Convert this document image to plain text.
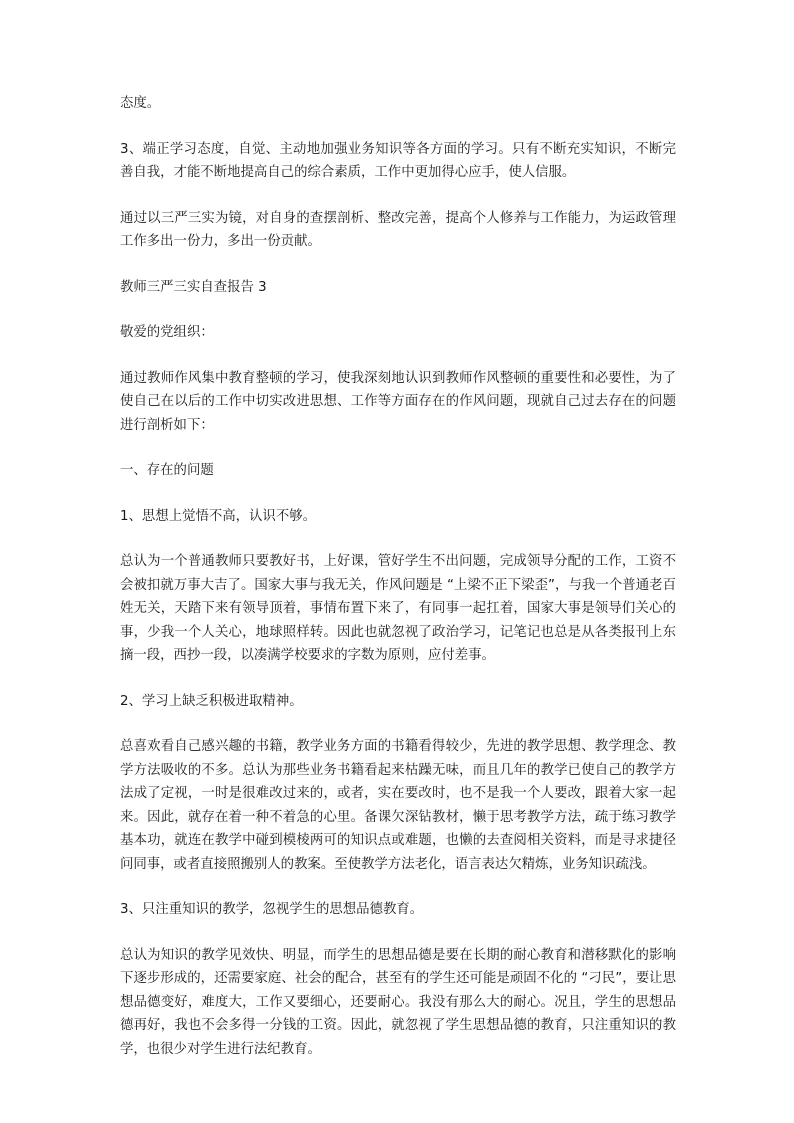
态度。

3、端正学习态度，自觉、主动地加强业务知识等各方面的学习。只有不断充实知识，不断完善自我，才能不断地提高自己的综合素质，工作中更加得心应手，使人信服。

通过以三严三实为镜，对自身的查摆剖析、整改完善，提高个人修养与工作能力，为运政管理工作多出一份力，多出一份贡献。

教师三严三实自查报告 3

敬爱的党组织：

通过教师作风集中教育整顿的学习，使我深刻地认识到教师作风整顿的重要性和必要性，为了使自己在以后的工作中切实改进思想、工作等方面存在的作风问题，现就自己过去存在的问题进行剖析如下：

一、存在的问题

1、思想上觉悟不高，认识不够。

总认为一个普通教师只要教好书，上好课，管好学生不出问题，完成领导分配的工作，工资不会被扣就万事大吉了。国家大事与我无关，作风问题是 “上梁不正下梁歪”，与我一个普通老百姓无关，天踏下来有领导顶着，事情布置下来了，有同事一起扛着，国家大事是领导们关心的事，少我一个人关心，地球照样转。因此也就忽视了政治学习，记笔记也总是从各类报刊上东摘一段，西抄一段，以凑满学校要求的字数为原则，应付差事。

2、学习上缺乏积极进取精神。

总喜欢看自己感兴趣的书籍，教学业务方面的书籍看得较少，先进的教学思想、教学理念、教学方法吸收的不多。总认为那些业务书籍看起来枯躁无味，而且几年的教学已使自己的教学方法成了定视，一时是很难改过来的，或者，实在要改时，也不是我一个人要改，跟着大家一起来。因此，就存在着一种不着急的心里。备课欠深钻教材，懒于思考教学方法，疏于练习教学基本功，就连在教学中碰到模棱两可的知识点或难题，也懒的去查阅相关资料，而是寻求捷径问同事，或者直接照搬别人的教案。至使教学方法老化，语言表达欠精炼，业务知识疏浅。

3、只注重知识的教学，忽视学生的思想品德教育。

总认为知识的教学见效快、明显，而学生的思想品德是要在长期的耐心教育和潜移默化的影响下逐步形成的，还需要家庭、社会的配合，甚至有的学生还可能是顽固不化的 “刁民”，要让思想品德变好，难度大，工作又要细心，还要耐心。我没有那么大的耐心。况且，学生的思想品德再好，我也不会多得一分钱的工资。因此，就忽视了学生思想品德的教育，只注重知识的教学，也很少对学生进行法纪教育。
